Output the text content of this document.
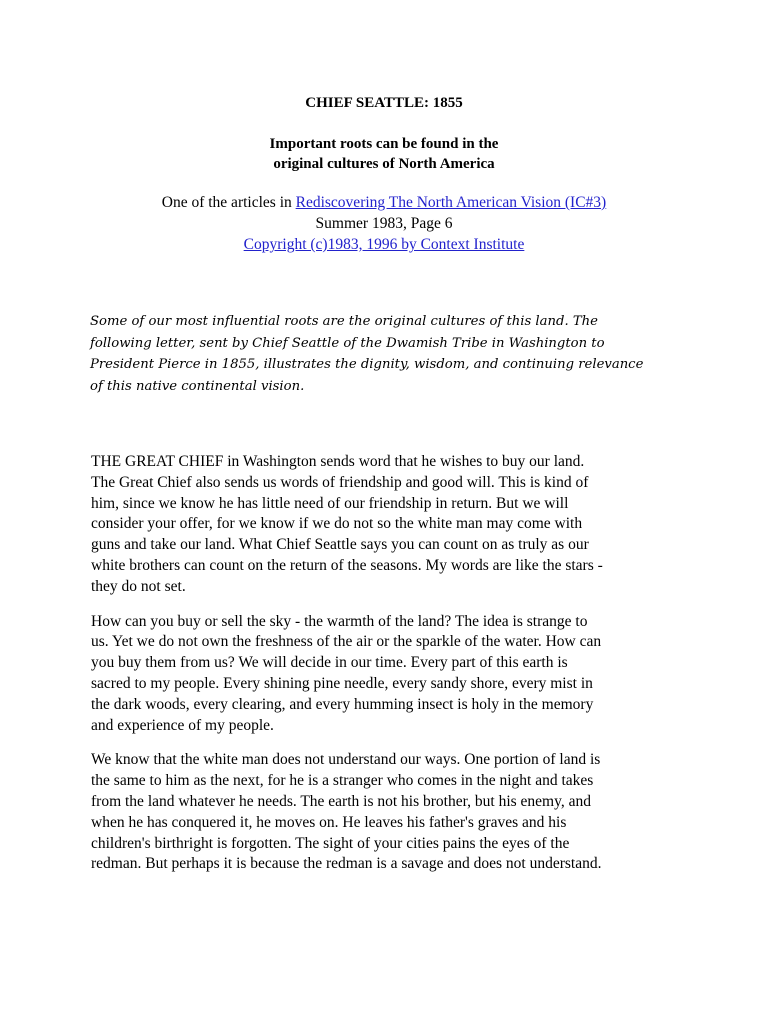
CHIEF SEATTLE: 1855
Important roots can be found in the
original cultures of North America
One of the articles in Rediscovering The North American Vision (IC#3)
Summer 1983, Page 6
Copyright (c)1983, 1996 by Context Institute
Some of our most influential roots are the original cultures of this land. The
following letter, sent by Chief Seattle of the Dwamish Tribe in Washington to
President Pierce in 1855, illustrates the dignity, wisdom, and continuing relevance
of this native continental vision.

THE GREAT CHIEF in Washington sends word that he wishes to buy our land.
The Great Chief also sends us words of friendship and good will. This is kind of
him, since we know he has little need of our friendship in return. But we will
consider your offer, for we know if we do not so the white man may come with
guns and take our land. What Chief Seattle says you can count on as truly as our
white brothers can count on the return of the seasons. My words are like the stars -
they do not set.

How can you buy or sell the sky - the warmth of the land? The idea is strange to
us. Yet we do not own the freshness of the air or the sparkle of the water. How can
you buy them from us? We will decide in our time. Every part of this earth is
sacred to my people. Every shining pine needle, every sandy shore, every mist in
the dark woods, every clearing, and every humming insect is holy in the memory
and experience of my people.

We know that the white man does not understand our ways. One portion of land is
the same to him as the next, for he is a stranger who comes in the night and takes
from the land whatever he needs. The earth is not his brother, but his enemy, and
when he has conquered it, he moves on. He leaves his father's graves and his
children's birthright is forgotten. The sight of your cities pains the eyes of the
redman. But perhaps it is because the redman is a savage and does not understand.
